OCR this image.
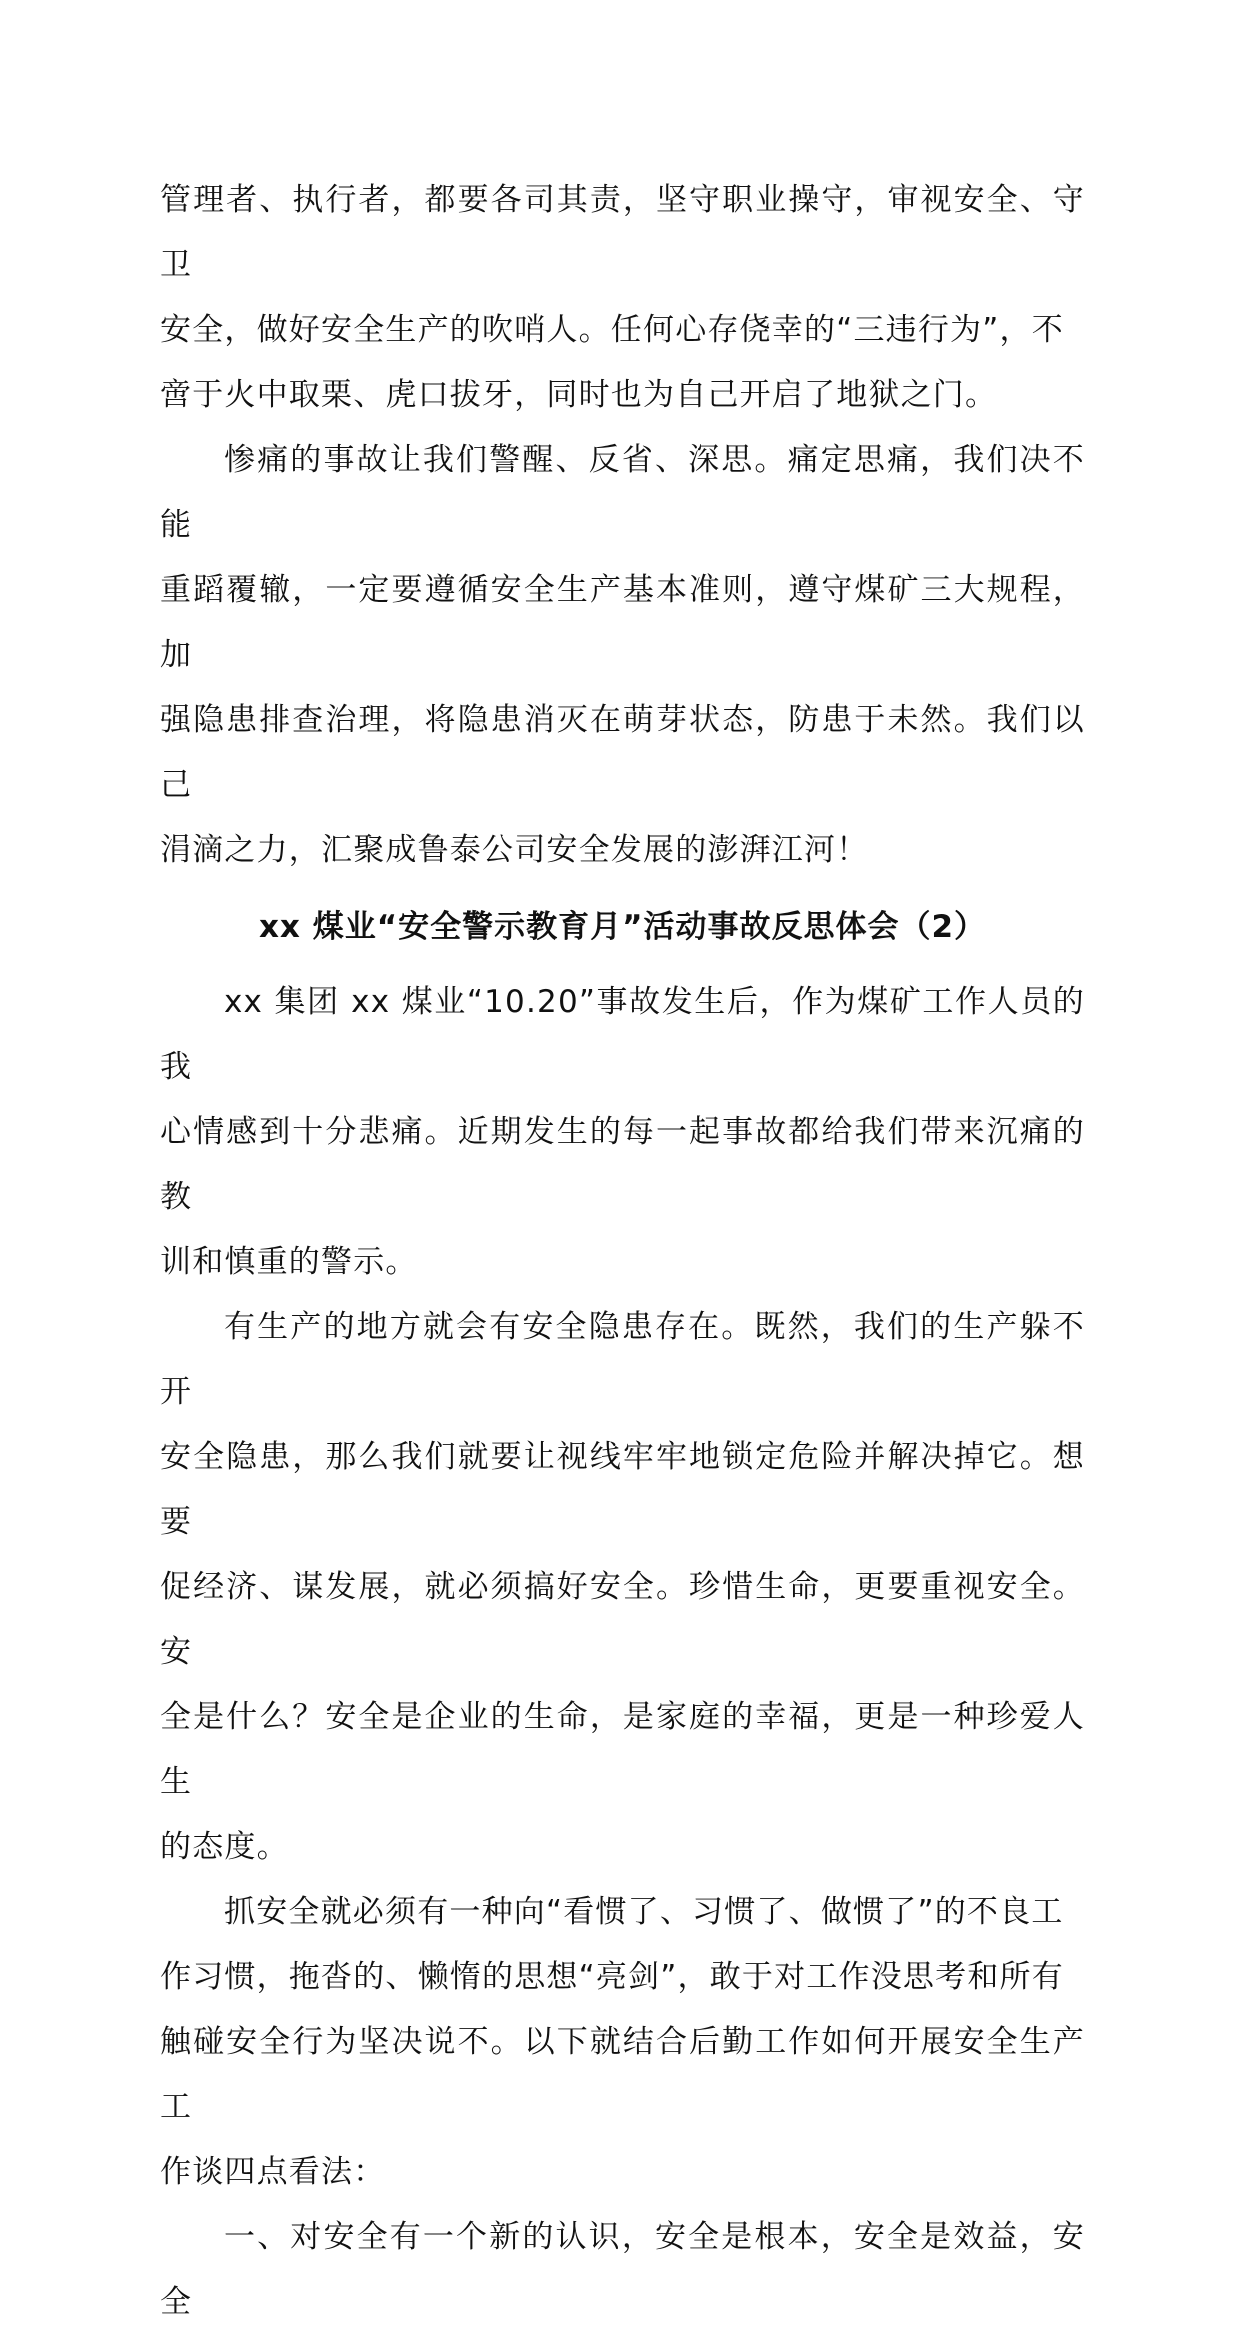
管理者、执行者，都要各司其责，坚守职业操守，审视安全、守卫
安全，做好安全生产的吹哨人。任何心存侥幸的“三违行为”，不
啻于火中取栗、虎口拔牙，同时也为自己开启了地狱之门。

惨痛的事故让我们警醒、反省、深思。痛定思痛，我们决不能
重蹈覆辙，一定要遵循安全生产基本准则，遵守煤矿三大规程，加
强隐患排查治理，将隐患消灭在萌芽状态，防患于未然。我们以己
涓滴之力，汇聚成鲁泰公司安全发展的澎湃江河！

xx 煤业“安全警示教育月”活动事故反思体会（2）

xx 集团 xx 煤业“10.20”事故发生后，作为煤矿工作人员的我
心情感到十分悲痛。近期发生的每一起事故都给我们带来沉痛的教
训和慎重的警示。

有生产的地方就会有安全隐患存在。既然，我们的生产躲不开
安全隐患，那么我们就要让视线牢牢地锁定危险并解决掉它。想要
促经济、谋发展，就必须搞好安全。珍惜生命，更要重视安全。安
全是什么？安全是企业的生命，是家庭的幸福，更是一种珍爱人生
的态度。

抓安全就必须有一种向“看惯了、习惯了、做惯了”的不良工
作习惯，拖沓的、懒惰的思想“亮剑”，敢于对工作没思考和所有
触碰安全行为坚决说不。以下就结合后勤工作如何开展安全生产工
作谈四点看法：

一、对安全有一个新的认识，安全是根本，安全是效益，安全
